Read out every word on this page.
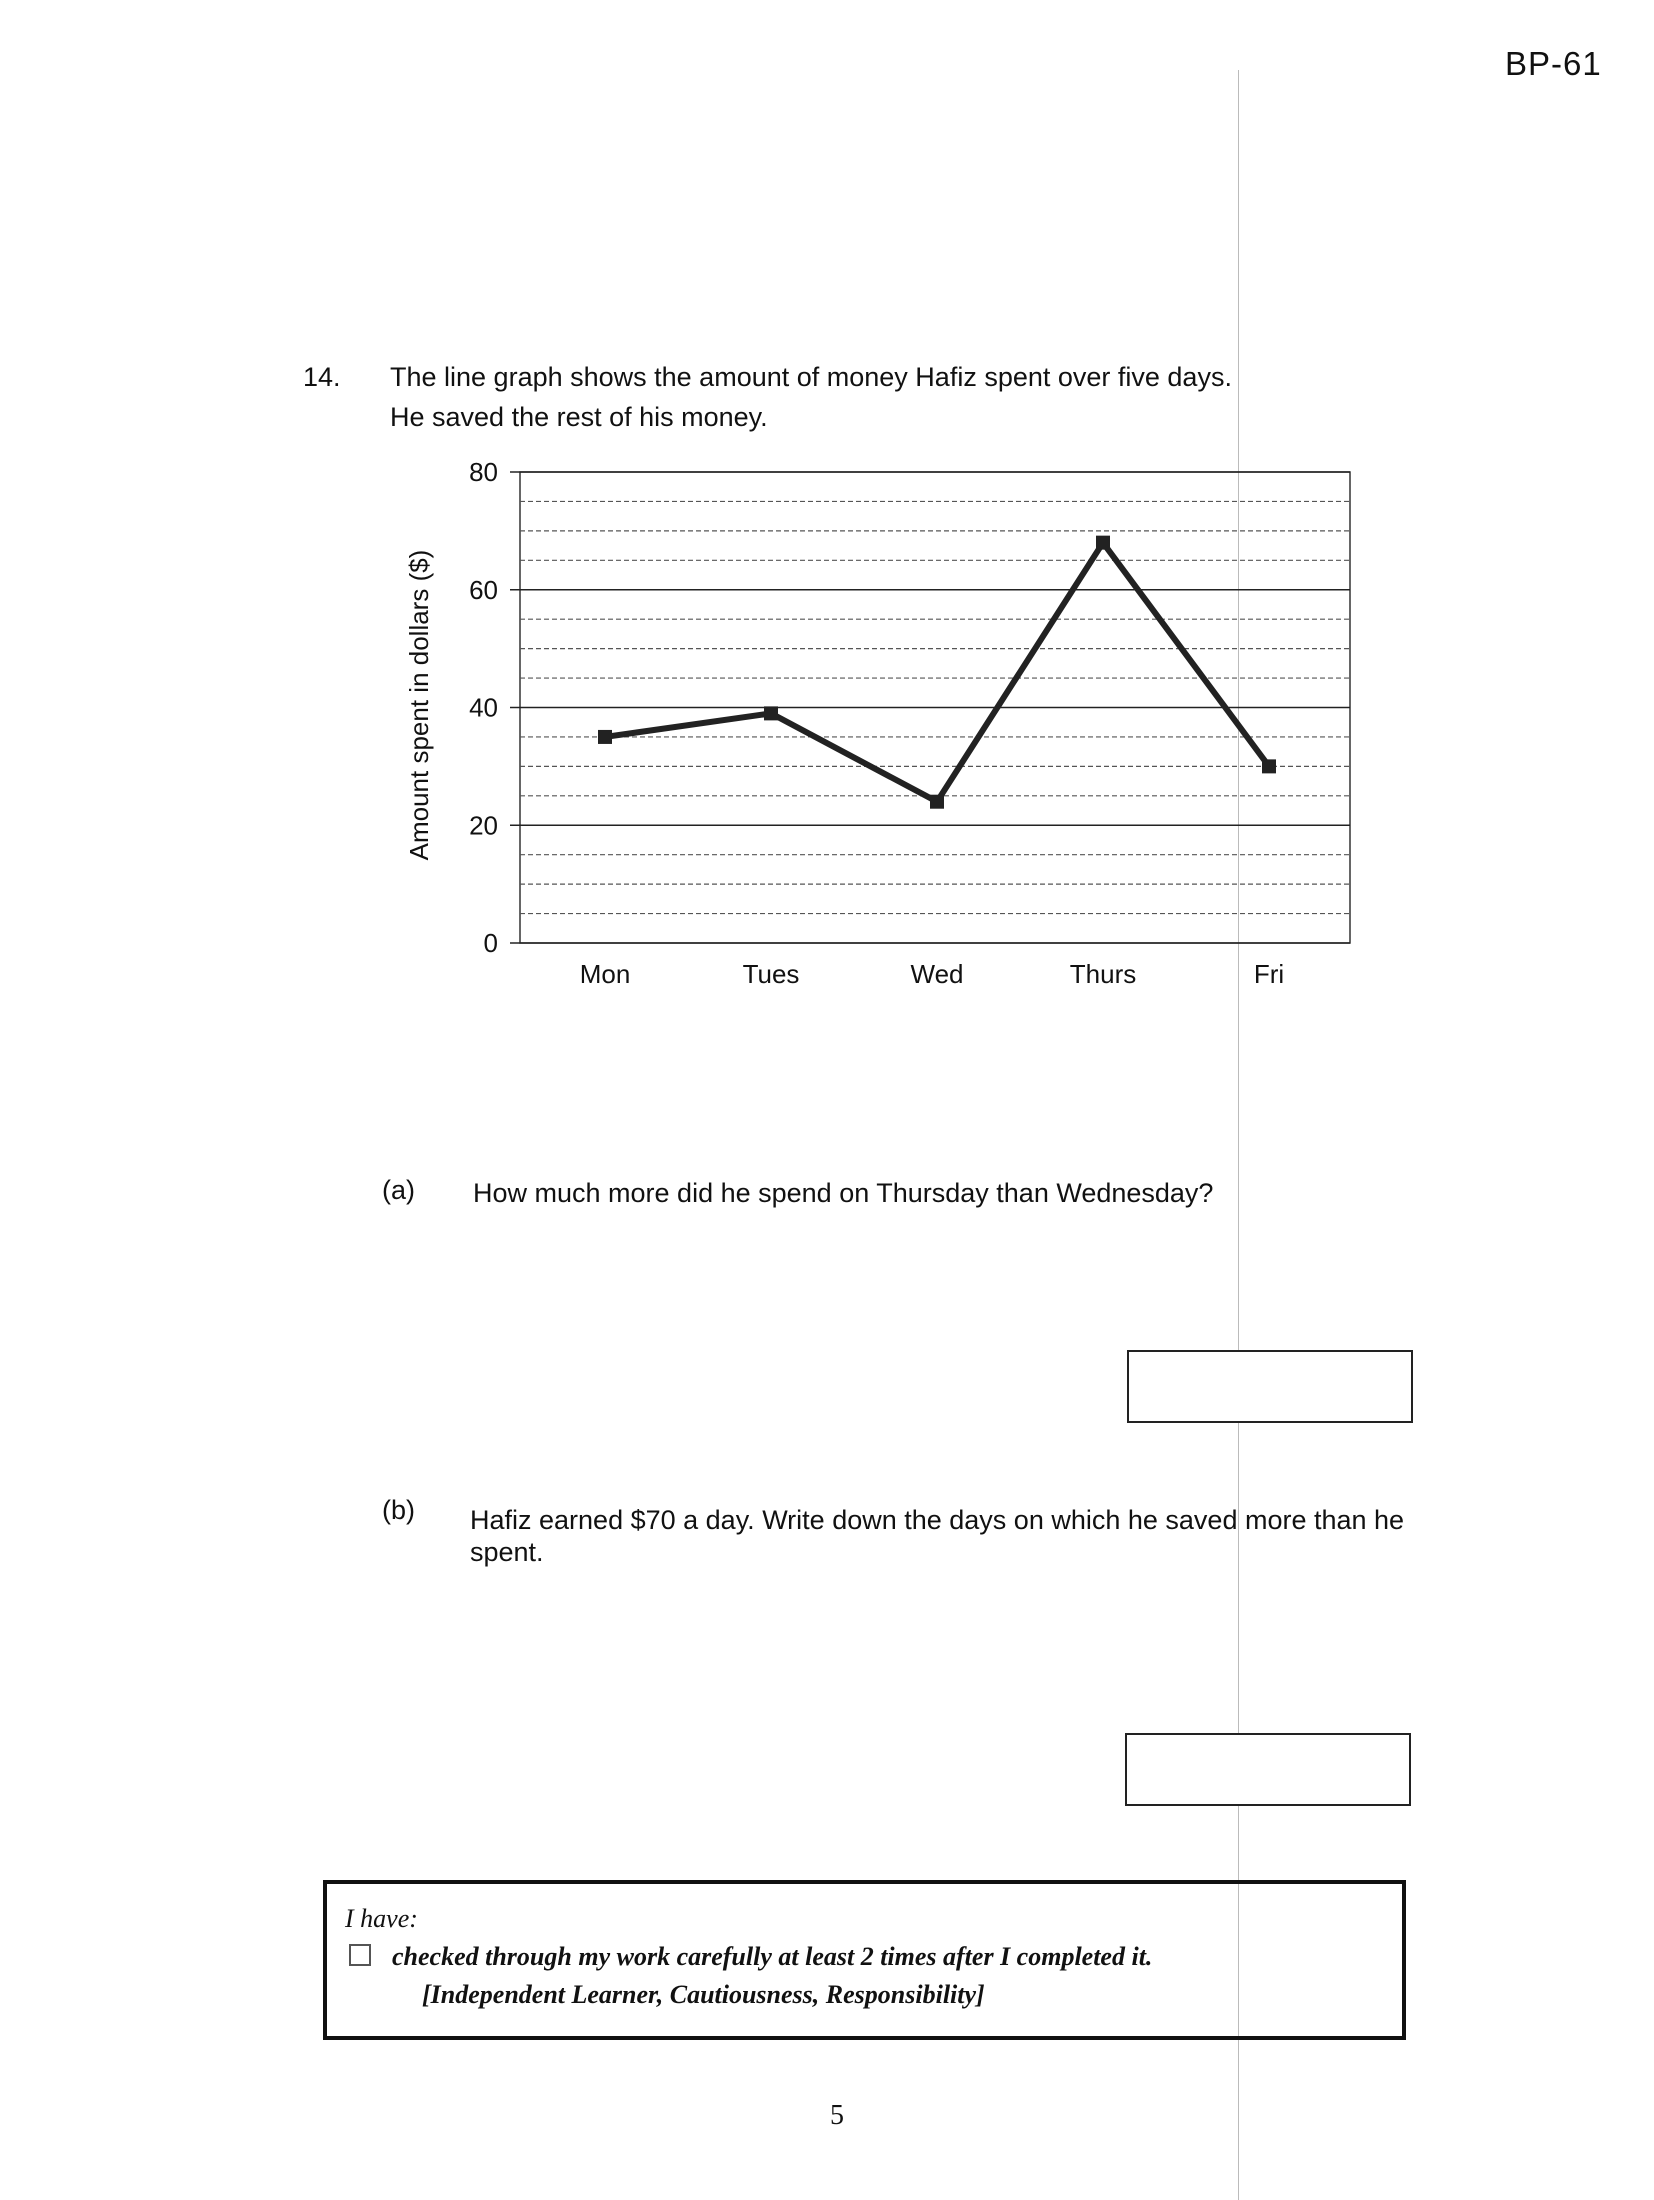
BP-61
14. The line graph shows the amount of money Hafiz spent over five days.
He saved the rest of his money.
0
20
40
60
80
Mon	Tues	Wed	Thurs	Fri
Amount spent in dollars ($)
(a) How much more did he spend on Thursday than Wednesday?
(b) Hafiz earned $70 a day. Write down the days on which he saved more than he
spent.
I have:
checked through my work carefully at least 2 times after I completed it.
[Independent Learner, Cautiousness, Responsibility]
5
